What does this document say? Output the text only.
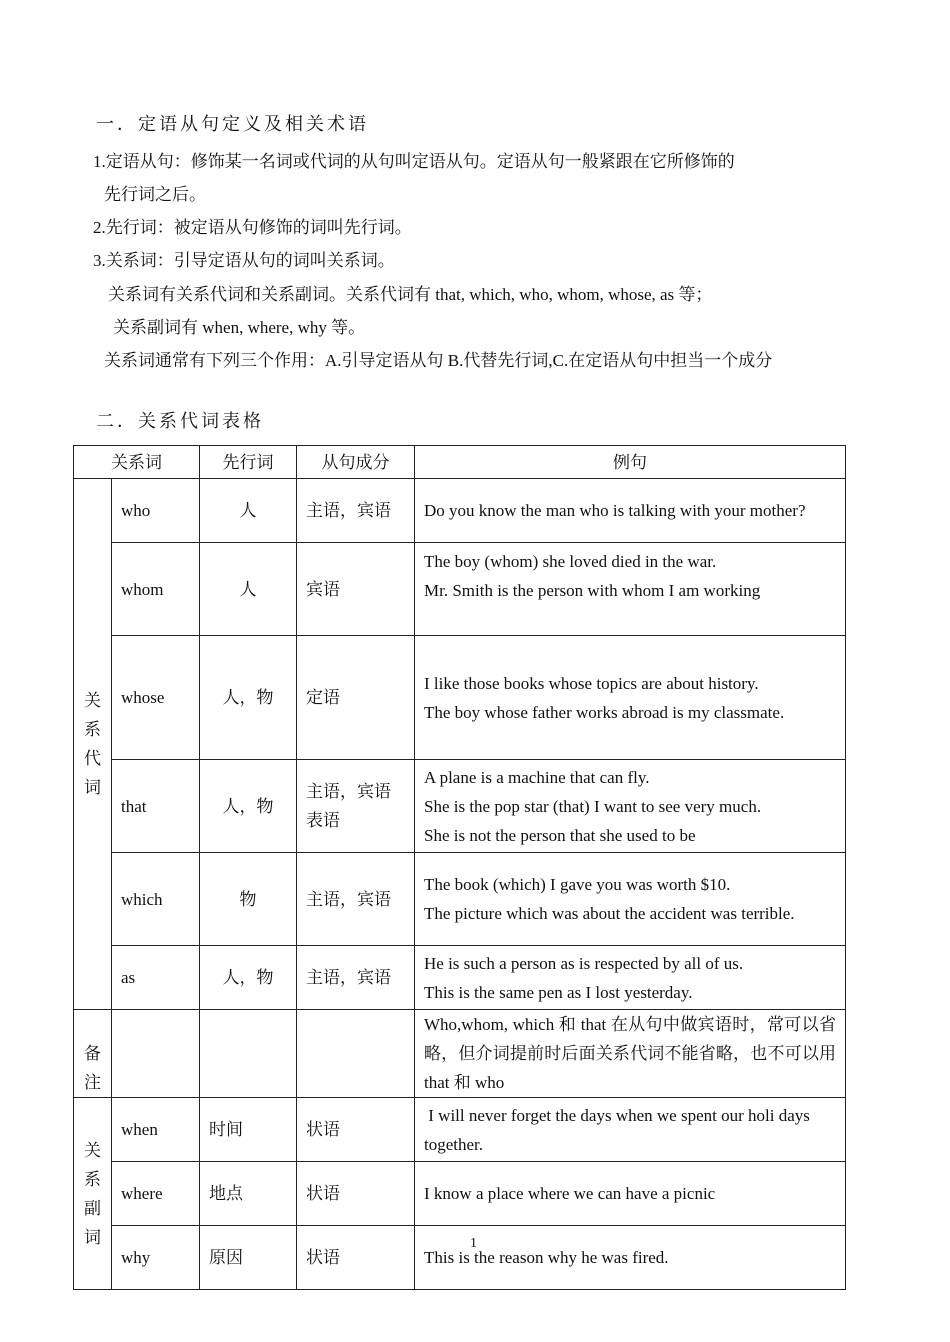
一．定语从句定义及相关术语
1.定语从句：修饰某一名词或代词的从句叫定语从句。定语从句一般紧跟在它所修饰的
先行词之后。
2.先行词：被定语从句修饰的词叫先行词。
3.关系词：引导定语从句的词叫关系词。
关系词有关系代词和关系副词。关系代词有 that, which, who, whom, whose, as 等；
关系副词有 when, where, why 等。
关系词通常有下列三个作用：A.引导定语从句 B.代替先行词,C.在定语从句中担当一个成分
二．关系代词表格
关系词		先行词	从句成分	例句

关
系
代
词	who	人	主语，宾语	Do you know the man who is talking with your mother?

	whom	人	宾语	The boy (whom) she loved died in the war.
Mr. Smith is the person with whom I am working

	whose	人，物	定语	I like those books whose topics are about history.
The boy whose father works abroad is my classmate.

	that	人，物	主语，宾语表语	A plane is a machine that can fly.
She is the pop star (that) I want to see very much.
She is not the person that she used to be

	which	物	主语，宾语	The book (which) I gave you was worth $10.
The picture which was about the accident was terrible.

	as	人，物	主语，宾语	He is such a person as is respected by all of us.
This is the same pen as I lost yesterday.

备
注				Who,whom, which 和 that 在从句中做宾语时，常可以省略，但介词提前时后面关系代词不能省略，也不可以用 that 和 who

关
系
副
词	when	时间	状语	I will never forget the days when we spent our holi days together.
	where	地点	状语	I know a place where we can have a picnic
	why	原因	状语	This is the reason why he was fired.
1
